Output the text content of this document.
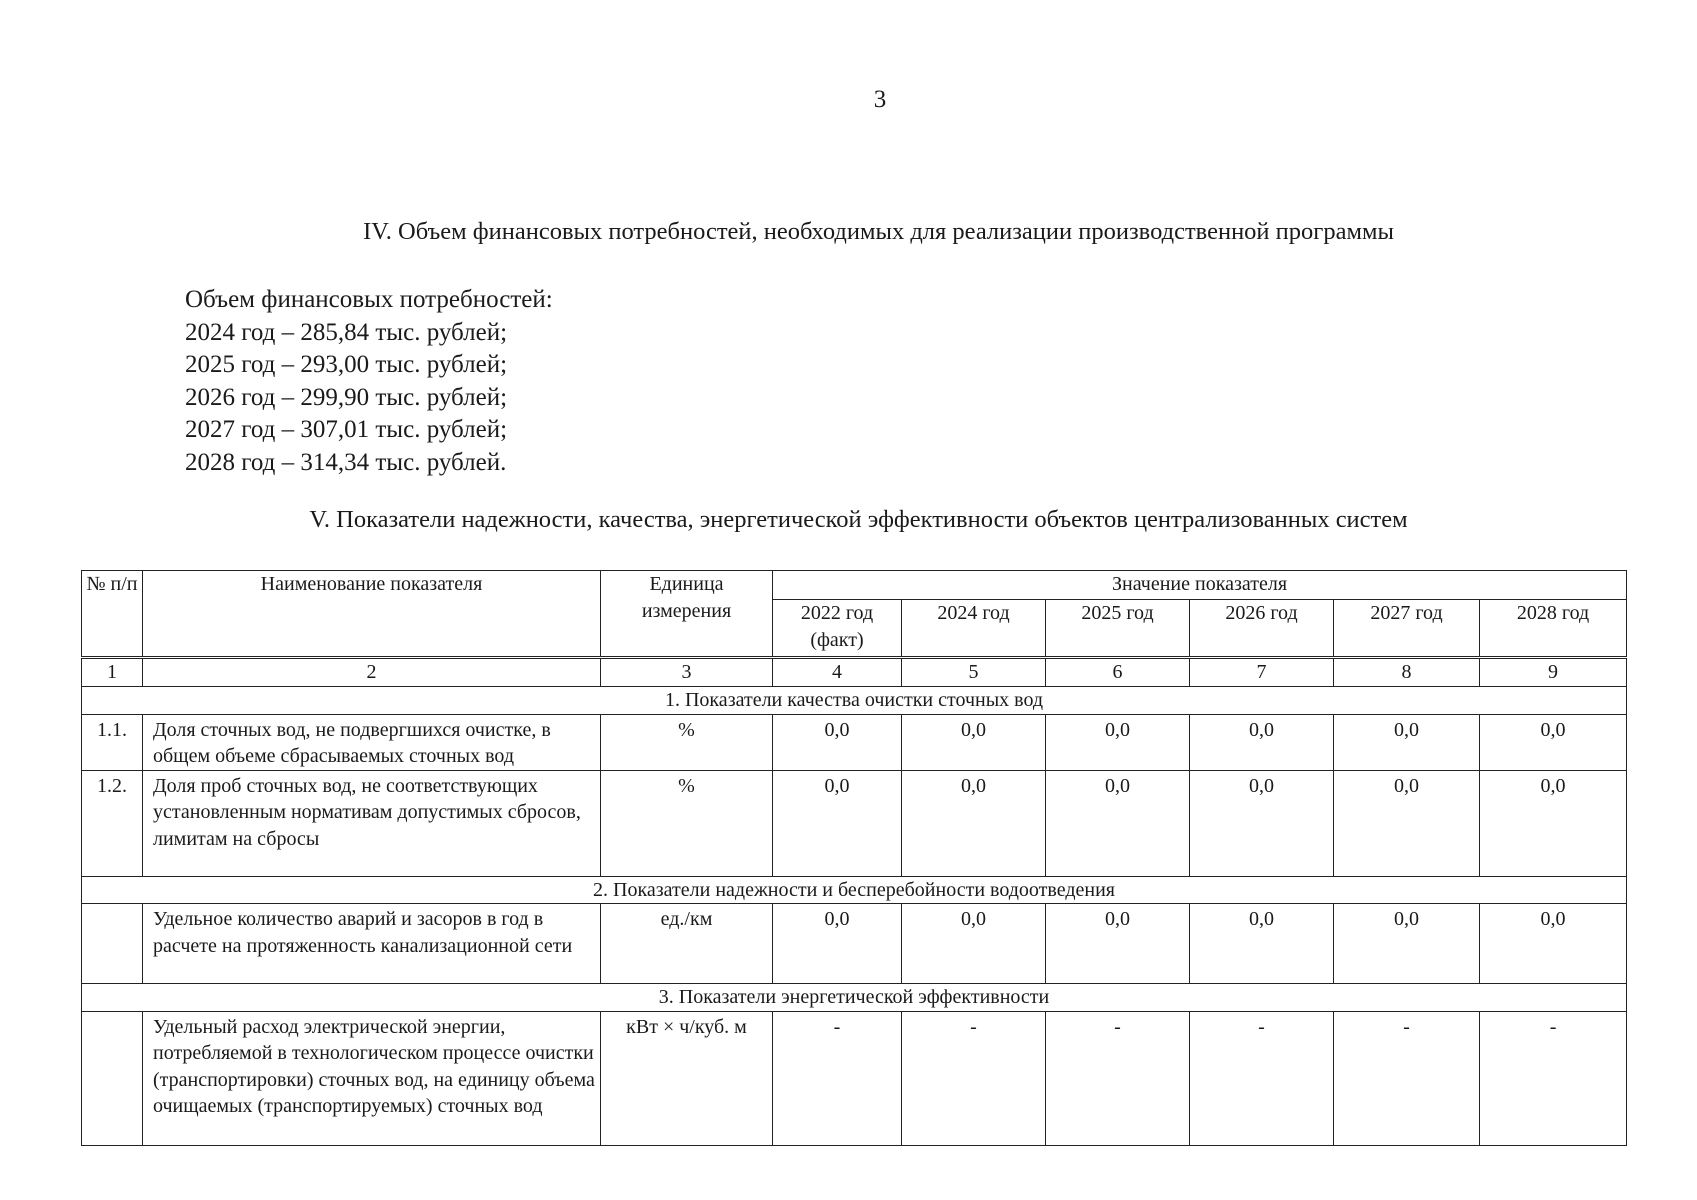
3
IV. Объем финансовых потребностей, необходимых для реализации производственной программы
Объем финансовых потребностей:
2024 год – 285,84 тыс. рублей;
2025 год – 293,00 тыс. рублей;
2026 год – 299,90 тыс. рублей;
2027 год – 307,01 тыс. рублей;
2028 год – 314,34 тыс. рублей.
V. Показатели надежности, качества, энергетической эффективности объектов централизованных систем
№ п/п	Наименование показателя	Единица измерения	Значение показателя					
			2022 год (факт)	2024 год	2025 год	2026 год	2027 год	2028 год
1	2	3	4	5	6	7	8	9
1. Показатели качества очистки сточных вод								
1.1.	Доля сточных вод, не подвергшихся очистке, в общем объеме сбрасываемых сточных вод	%	0,0	0,0	0,0	0,0	0,0	0,0
1.2.	Доля проб сточных вод, не соответствующих установленным нормативам допустимых сбросов, лимитам на сбросы	%	0,0	0,0	0,0	0,0	0,0	0,0
2. Показатели надежности и бесперебойности водоотведения								
	Удельное количество аварий и засоров в год в расчете на протяженность канализационной сети	ед./км	0,0	0,0	0,0	0,0	0,0	0,0
3. Показатели энергетической эффективности								
	Удельный расход электрической энергии, потребляемой в технологическом процессе очистки (транспортировки) сточных вод, на единицу объема очищаемых (транспортируемых) сточных вод	кВт × ч/куб. м	-	-	-	-	-	-
